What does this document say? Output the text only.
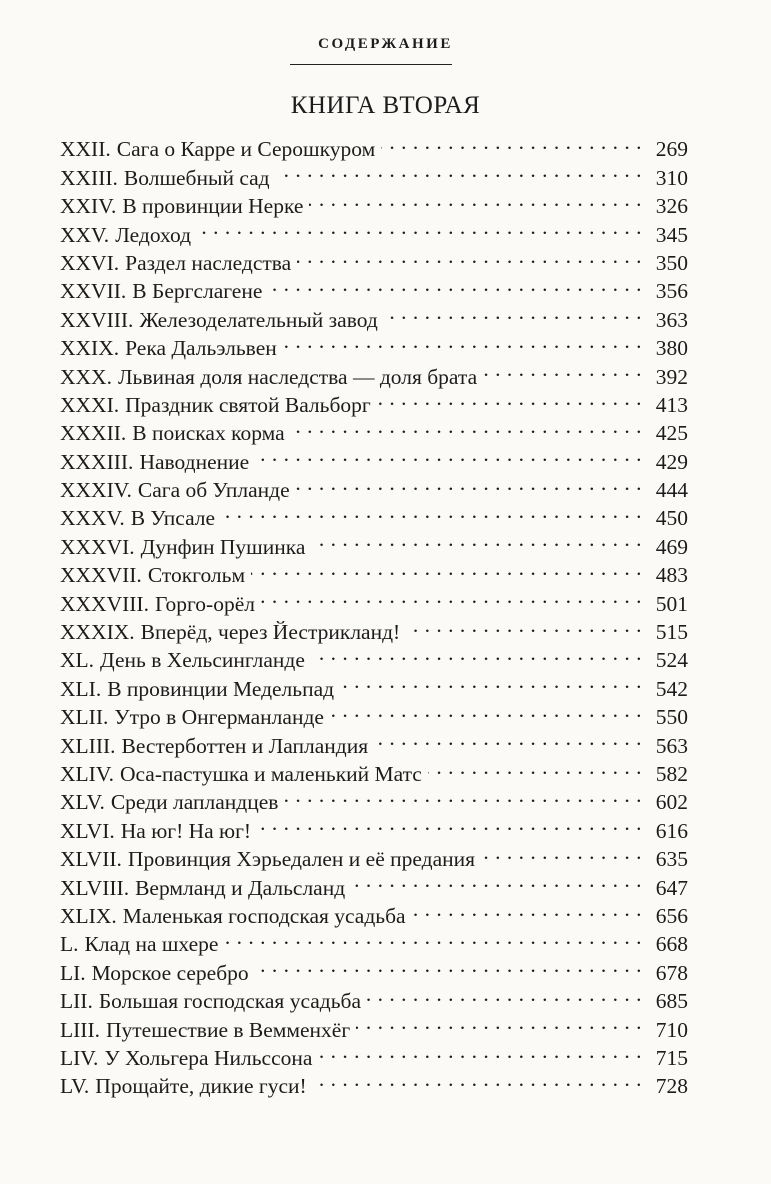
СОДЕРЖАНИЕ
КНИГА ВТОРАЯ
XXII. Сага о Карре и Серошкуром . . .	269
XXIII. Волшебный сад . . .	310
XXIV. В провинции Нерке . . .	326
XXV. Ледоход . . .	345
XXVI. Раздел наследства . . .	350
XXVII. В Бергслагене . . .	356
XXVIII. Железоделательный завод . . .	363
XXIX. Река Дальэльвен . . .	380
XXX. Львиная доля наследства — доля брата . . .	392
XXXI. Праздник святой Вальборг . . .	413
XXXII. В поисках корма . . .	425
XXXIII. Наводнение . . .	429
XXXIV. Сага об Упланде . . .	444
XXXV. В Упсале . . .	450
XXXVI. Дунфин Пушинка . . .	469
XXXVII. Стокгольм . . .	483
XXXVIII. Горго-орёл . . .	501
XXXIX. Вперёд, через Йестрикланд! . . .	515
XL. День в Хельсингланде . . .	524
XLI. В провинции Медельпад . . .	542
XLII. Утро в Онгерманланде . . .	550
XLIII. Вестерботтен и Лапландия . . .	563
XLIV. Оса-пастушка и маленький Матс . . .	582
XLV. Среди лапландцев . . .	602
XLVI. На юг! На юг! . . .	616
XLVII. Провинция Хэрьедален и её предания . . .	635
XLVIII. Вермланд и Дальсланд . . .	647
XLIX. Маленькая господская усадьба . . .	656
L. Клад на шхере . . .	668
LI. Морское серебро . . .	678
LII. Большая господская усадьба . . .	685
LIII. Путешествие в Вемменхёг . . .	710
LIV. У Хольгера Нильссона . . .	715
LV. Прощайте, дикие гуси! . . .	728
